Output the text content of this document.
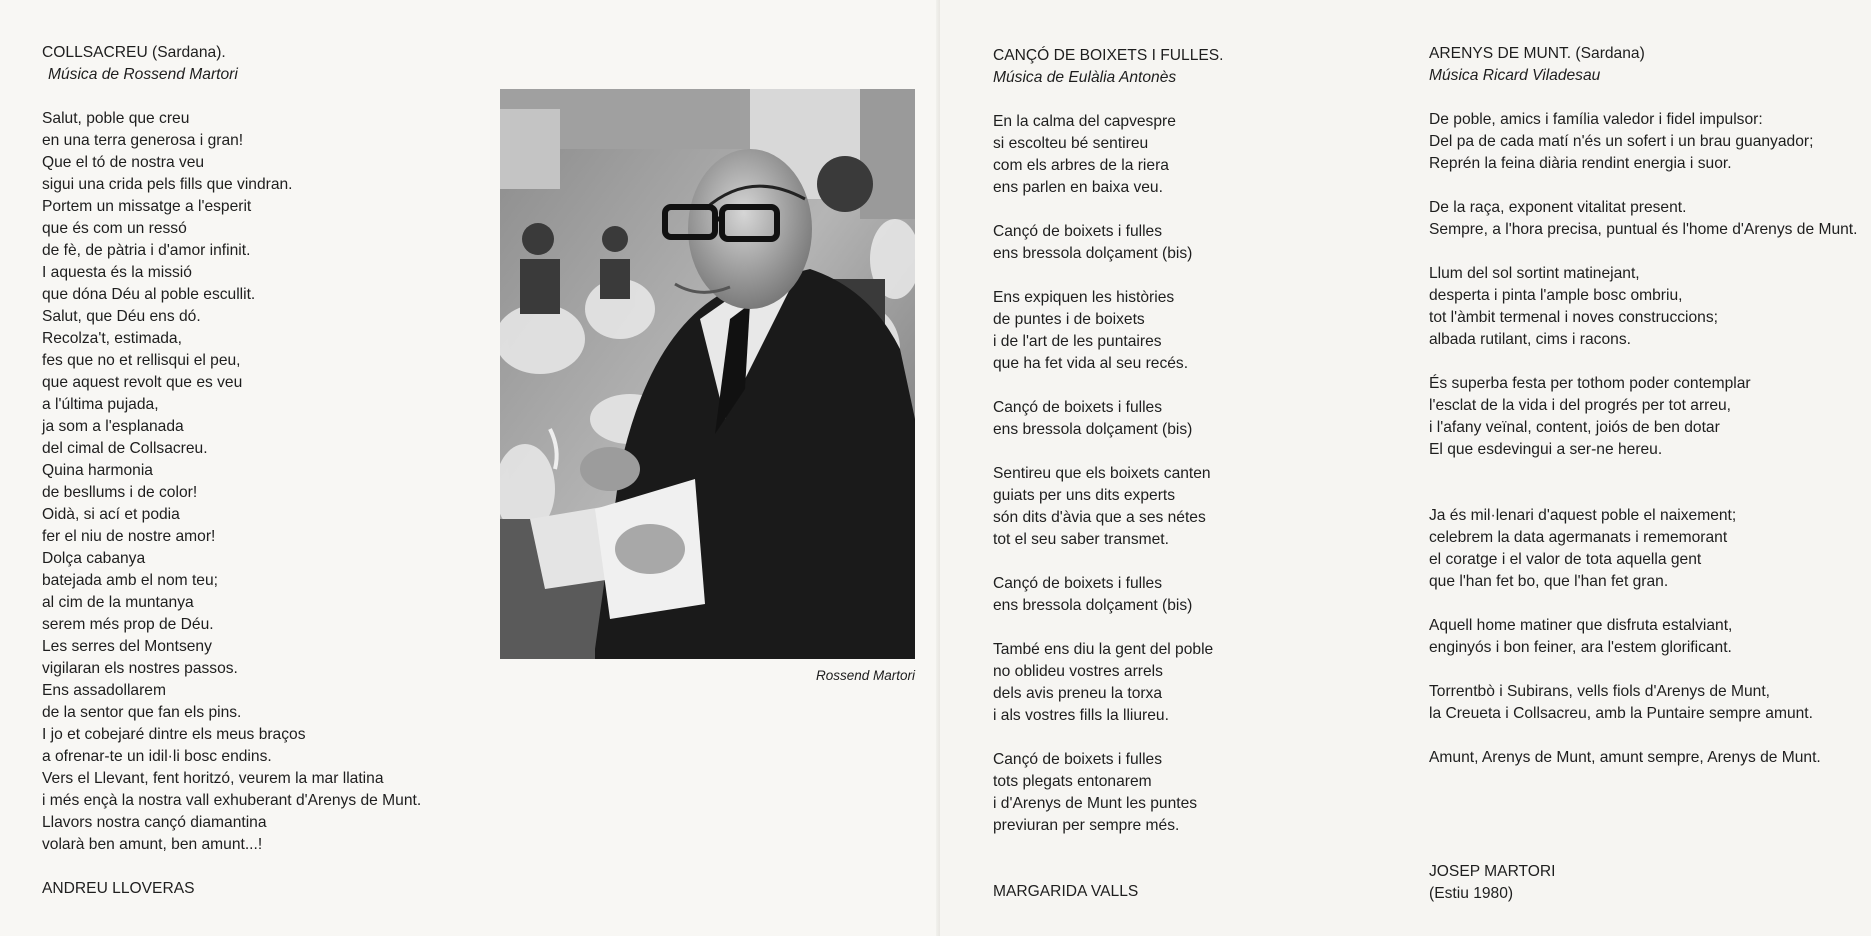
COLLSACREU (Sardana).
Música de Rossend Martori
Salut, poble que creu
en una terra generosa i gran!
Que el tó de nostra veu
sigui una crida pels fills que vindran.
Portem un missatge a l'esperit
que és com un ressó
de fè, de pàtria i d'amor infinit.
I aquesta és la missió
que dóna Déu al poble escullit.
Salut, que Déu ens dó.
Recolza't, estimada,
fes que no et rellisqui el peu,
que aquest revolt que es veu
a l'última pujada,
ja som a l'esplanada
del cimal de Collsacreu.
Quina harmonia
de besllums i de color!
Oidà, si ací et podia
fer el niu de nostre amor!
Dolça cabanya
batejada amb el nom teu;
al cim de la muntanya
serem més prop de Déu.
Les serres del Montseny
vigilaran els nostres passos.
Ens assadollarem
de la sentor que fan els pins.
I jo et cobejaré dintre els meus braços
a ofrenar-te un idil·li bosc endins.
Vers el Llevant, fent horitzó, veurem la mar llatina
i més ençà la nostra vall exhuberant d'Arenys de Munt.
Llavors nostra cançó diamantina
volarà ben amunt, ben amunt...!
ANDREU LLOVERAS
Rossend Martori
CANÇÓ DE BOIXETS I FULLES.
Música de Eulàlia Antonès
En la calma del capvespre
si escolteu bé sentireu
com els arbres de la riera
ens parlen en baixa veu.
Cançó de boixets i fulles
ens bressola dolçament (bis)
Ens expiquen les històries
de puntes i de boixets
i de l'art de les puntaires
que ha fet vida al seu recés.
Cançó de boixets i fulles
ens bressola dolçament (bis)
Sentireu que els boixets canten
guiats per uns dits experts
són dits d'àvia que a ses nétes
tot el seu saber transmet.
Cançó de boixets i fulles
ens bressola dolçament (bis)
També ens diu la gent del poble
no oblideu vostres arrels
dels avis preneu la torxa
i als vostres fills la lliureu.
Cançó de boixets i fulles
tots plegats entonarem
i d'Arenys de Munt les puntes
previuran per sempre més.
MARGARIDA VALLS
ARENYS DE MUNT. (Sardana)
Música Ricard Viladesau
De poble, amics i família valedor i fidel impulsor:
Del pa de cada matí n'és un sofert i un brau guanyador;
Reprén la feina diària rendint energia i suor.
De la raça, exponent vitalitat present.
Sempre, a l'hora precisa, puntual és l'home d'Arenys de Munt.
Llum del sol sortint matinejant,
desperta i pinta l'ample bosc ombriu,
tot l'àmbit termenal i noves construccions;
albada rutilant, cims i racons.
És superba festa per tothom poder contemplar
l'esclat de la vida i del progrés per tot arreu,
i l'afany veïnal, content, joiós de ben dotar
El que esdevingui a ser-ne hereu.
Ja és mil·lenari d'aquest poble el naixement;
celebrem la data agermanats i rememorant
el coratge i el valor de tota aquella gent
que l'han fet bo, que l'han fet gran.
Aquell home matiner que disfruta estalviant,
enginyós i bon feiner, ara l'estem glorificant.
Torrentbò i Subirans, vells fiols d'Arenys de Munt,
la Creueta i Collsacreu, amb la Puntaire sempre amunt.
Amunt, Arenys de Munt, amunt sempre, Arenys de Munt.
JOSEP MARTORI
(Estiu 1980)
